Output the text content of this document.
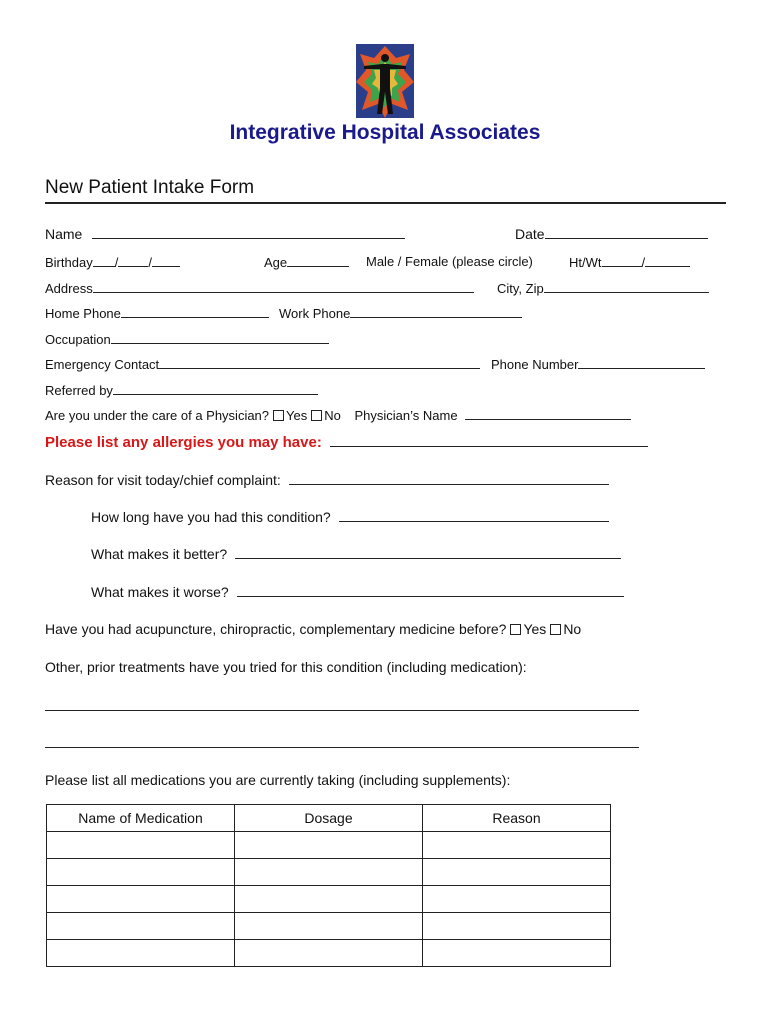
Integrative Hospital Associates
New Patient Intake Form
Name	Date
Birthday / /	Age	Male / Female (please circle)	Ht/Wt	/
Address	City, Zip
Home Phone	Work Phone
Occupation
Emergency Contact	Phone Number
Referred by
Are you under the care of a Physician? Yes No Physician’s Name
Please list any allergies you may have:
Reason for visit today/chief complaint:
How long have you had this condition?
What makes it better?
What makes it worse?
Have you had acupuncture, chiropractic, complementary medicine before? Yes No
Other, prior treatments have you tried for this condition (including medication):
Please list all medications you are currently taking (including supplements):
Name of Medication	Dosage	Reason
